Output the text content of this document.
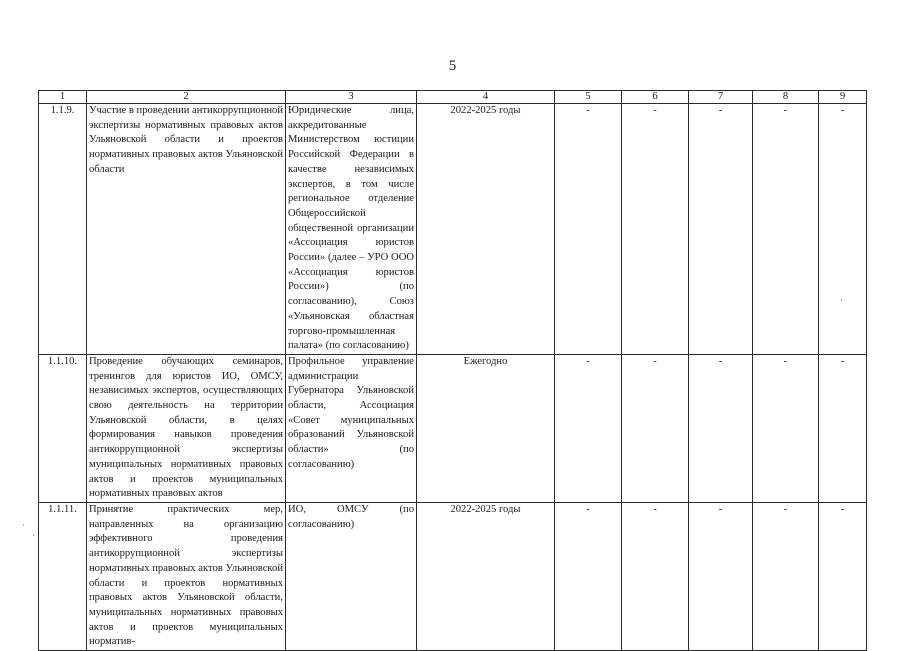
5
1	2	3	4	5	6	7	8	9
1.1.9.	Участие в проведении антикоррупционной экспертизы нормативных правовых актов Ульяновской области и проектов нормативных правовых актов Ульяновской области	Юридические лица, аккредитованные Министерством юстиции Российской Федерации в качестве независимых экспертов, в том числе региональное отделение Общероссийской общественной организации «Ассоциация юристов России» (далее – УРО ООО «Ассоциация юристов России») (по согласованию), Союз «Ульяновская областная торгово-промышленная палата» (по согласованию)	2022-2025 годы	-	-	-	-	-
1.1.10.	Проведение обучающих семинаров, тренингов для юристов ИО, ОМСУ, независимых экспертов, осуществляющих свою деятельность на территории Ульяновской области, в целях формирования навыков проведения антикоррупционной экспертизы муниципальных нормативных правовых актов и проектов муниципальных нормативных правовых актов	Профильное управление администрации Губернатора Ульяновской области, Ассоциация «Совет муниципальных образований Ульяновской области» (по согласованию)	Ежегодно	-	-	-	-	-
1.1.11.	Принятие практических мер, направленных на организацию эффективного проведения антикоррупционной экспертизы нормативных правовых актов Ульяновской области и проектов нормативных правовых актов Ульяновской области, муниципальных нормативных правовых актов и проектов муниципальных норматив-	ИО, ОМСУ (по согласованию)	2022-2025 годы	-	-	-	-	-
·
·
·
